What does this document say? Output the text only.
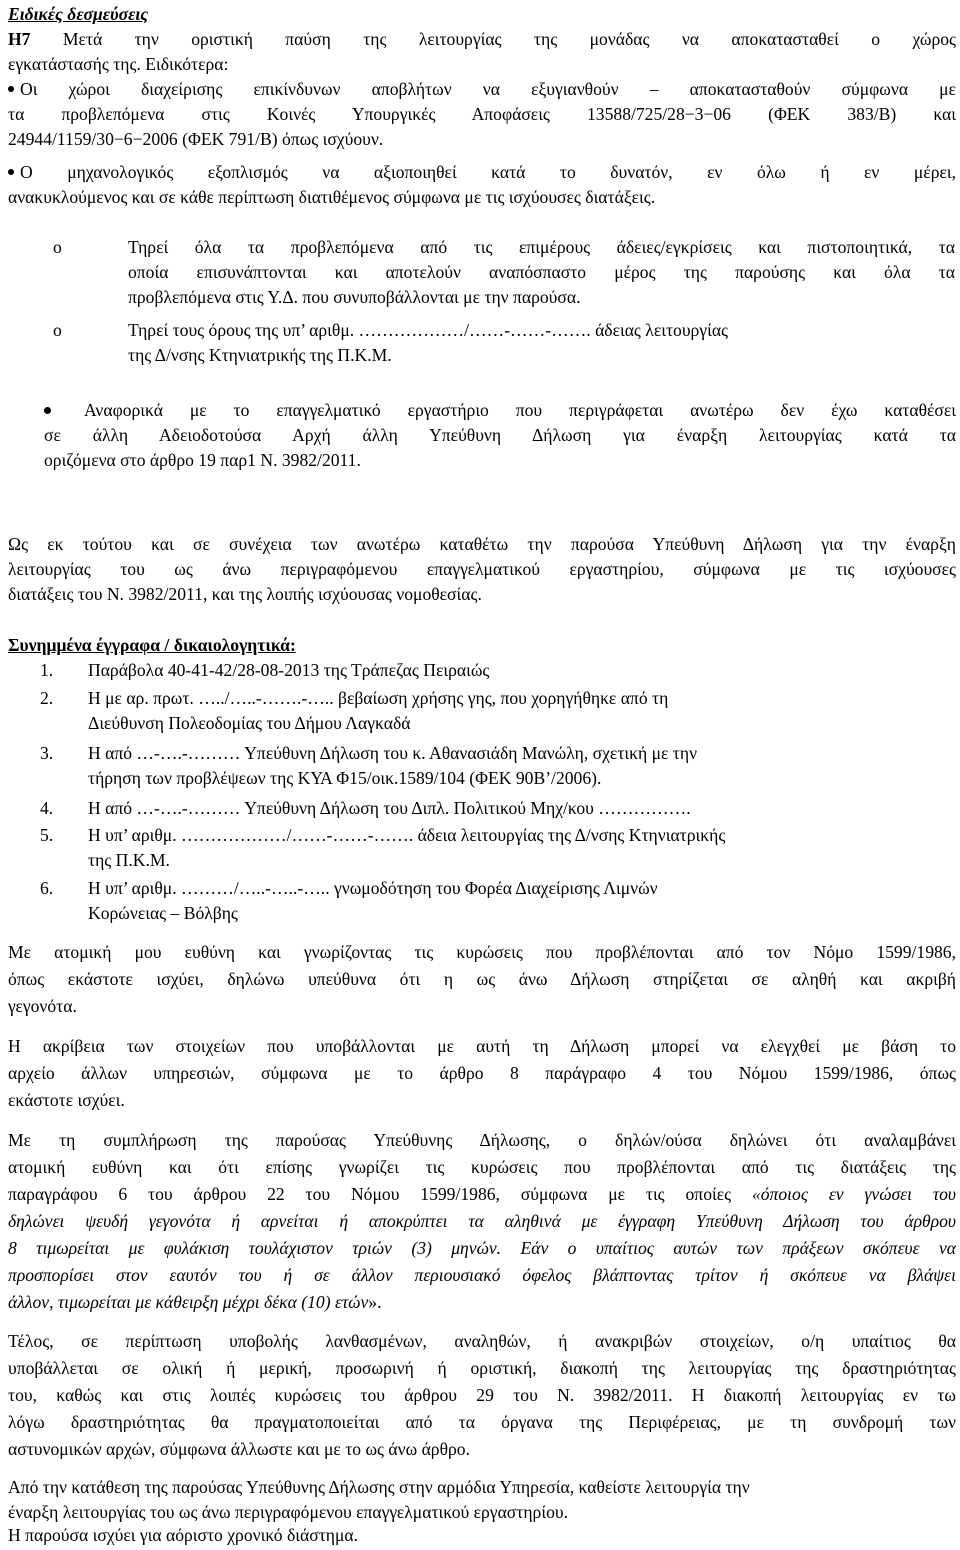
Ειδικές δεσμεύσεις
Η7 Μετά την οριστική παύση της λειτουργίας της μονάδας να αποκατασταθεί ο χώρος
εγκατάστασής της. Ειδικότερα:
Οι χώροι διαχείρισης επικίνδυνων αποβλήτων να εξυγιανθούν – αποκατασταθούν σύμφωνα με
τα προβλεπόμενα στις Κοινές Υπουργικές Αποφάσεις 13588/725/28−3−06 (ΦΕΚ 383/Β) και
24944/1159/30−6−2006 (ΦΕΚ 791/Β) όπως ισχύουν.
Ο μηχανολογικός εξοπλισμός να αξιοποιηθεί κατά το δυνατόν, εν όλω ή εν μέρει,
ανακυκλούμενος και σε κάθε περίπτωση διατιθέμενος σύμφωνα με τις ισχύουσες διατάξεις.
o	Τηρεί όλα τα προβλεπόμενα από τις επιμέρους άδειες/εγκρίσεις και πιστοποιητικά, τα
οποία επισυνάπτονται και αποτελούν αναπόσπαστο μέρος της παρούσης και όλα τα
προβλεπόμενα στις Υ.Δ. που συνυποβάλλονται με την παρούσα.
o	Τηρεί τους όρους της υπ’ αριθμ. ………………/……-……-……. άδειας λειτουργίας
της Δ/νσης Κτηνιατρικής της Π.Κ.Μ.
Αναφορικά με το επαγγελματικό εργαστήριο που περιγράφεται ανωτέρω δεν έχω καταθέσει
σε άλλη Αδειοδοτούσα Αρχή άλλη Υπεύθυνη Δήλωση για έναρξη λειτουργίας κατά τα
οριζόμενα στο άρθρο 19 παρ1 Ν. 3982/2011.
Ως εκ τούτου και σε συνέχεια των ανωτέρω καταθέτω την παρούσα Υπεύθυνη Δήλωση για την έναρξη
λειτουργίας του ως άνω περιγραφόμενου επαγγελματικού εργαστηρίου, σύμφωνα με τις ισχύουσες
διατάξεις του Ν. 3982/2011, και της λοιπής ισχύουσας νομοθεσίας.
Συνημμένα έγγραφα / δικαιολογητικά:
1. Παράβολα 40-41-42/28-08-2013 της Τράπεζας Πειραιώς
2. Η με αρ. πρωτ. …../…..-…….-….. βεβαίωση χρήσης γης, που χορηγήθηκε από τη
Διεύθυνση Πολεοδομίας του Δήμου Λαγκαδά
3. Η από …-….-……… Υπεύθυνη Δήλωση του κ. Αθανασιάδη Μανώλη, σχετική με την
τήρηση των προβλέψεων της ΚΥΑ Φ15/οικ.1589/104 (ΦΕΚ 90Β’/2006).
4. Η από …-….-……… Υπεύθυνη Δήλωση του Διπλ. Πολιτικού Μηχ/κου …………….
5. Η υπ’ αριθμ. ………………/……-……-……. άδεια λειτουργίας της Δ/νσης Κτηνιατρικής
της Π.Κ.Μ.
6. Η υπ’ αριθμ. ………/…..-…..-….. γνωμοδότηση του Φορέα Διαχείρισης Λιμνών
Κορώνειας – Βόλβης
Με ατομική μου ευθύνη και γνωρίζοντας τις κυρώσεις που προβλέπονται από τον Νόμο 1599/1986,
όπως εκάστοτε ισχύει, δηλώνω υπεύθυνα ότι η ως άνω Δήλωση στηρίζεται σε αληθή και ακριβή
γεγονότα.
Η ακρίβεια των στοιχείων που υποβάλλονται με αυτή τη Δήλωση μπορεί να ελεγχθεί με βάση το
αρχείο άλλων υπηρεσιών, σύμφωνα με το άρθρο 8 παράγραφο 4 του Νόμου 1599/1986, όπως
εκάστοτε ισχύει.
Με τη συμπλήρωση της παρούσας Υπεύθυνης Δήλωσης, ο δηλών/ούσα δηλώνει ότι αναλαμβάνει
ατομική ευθύνη και ότι επίσης γνωρίζει τις κυρώσεις που προβλέπονται από τις διατάξεις της
παραγράφου 6 του άρθρου 22 του Νόμου 1599/1986, σύμφωνα με τις οποίες «όποιος εν γνώσει του
δηλώνει ψευδή γεγονότα ή αρνείται ή αποκρύπτει τα αληθινά με έγγραφη Υπεύθυνη Δήλωση του άρθρου
8 τιμωρείται με φυλάκιση τουλάχιστον τριών (3) μηνών. Εάν ο υπαίτιος αυτών των πράξεων σκόπευε να
προσπορίσει στον εαυτόν του ή σε άλλον περιουσιακό όφελος βλάπτοντας τρίτον ή σκόπευε να βλάψει
άλλον, τιμωρείται με κάθειρξη μέχρι δέκα (10) ετών».
Τέλος, σε περίπτωση υποβολής λανθασμένων, αναληθών, ή ανακριβών στοιχείων, ο/η υπαίτιος θα
υποβάλλεται σε ολική ή μερική, προσωρινή ή οριστική, διακοπή της λειτουργίας της δραστηριότητας
του, καθώς και στις λοιπές κυρώσεις του άρθρου 29 του Ν. 3982/2011. Η διακοπή λειτουργίας εν τω
λόγω δραστηριότητας θα πραγματοποιείται από τα όργανα της Περιφέρειας, με τη συνδρομή των
αστυνομικών αρχών, σύμφωνα άλλωστε και με το ως άνω άρθρο.
Από την κατάθεση της παρούσας Υπεύθυνης Δήλωσης στην αρμόδια Υπηρεσία, καθείστε λειτουργία την
έναρξη λειτουργίας του ως άνω περιγραφόμενου επαγγελματικού εργαστηρίου.
Η παρούσα ισχύει για αόριστο χρονικό διάστημα.
